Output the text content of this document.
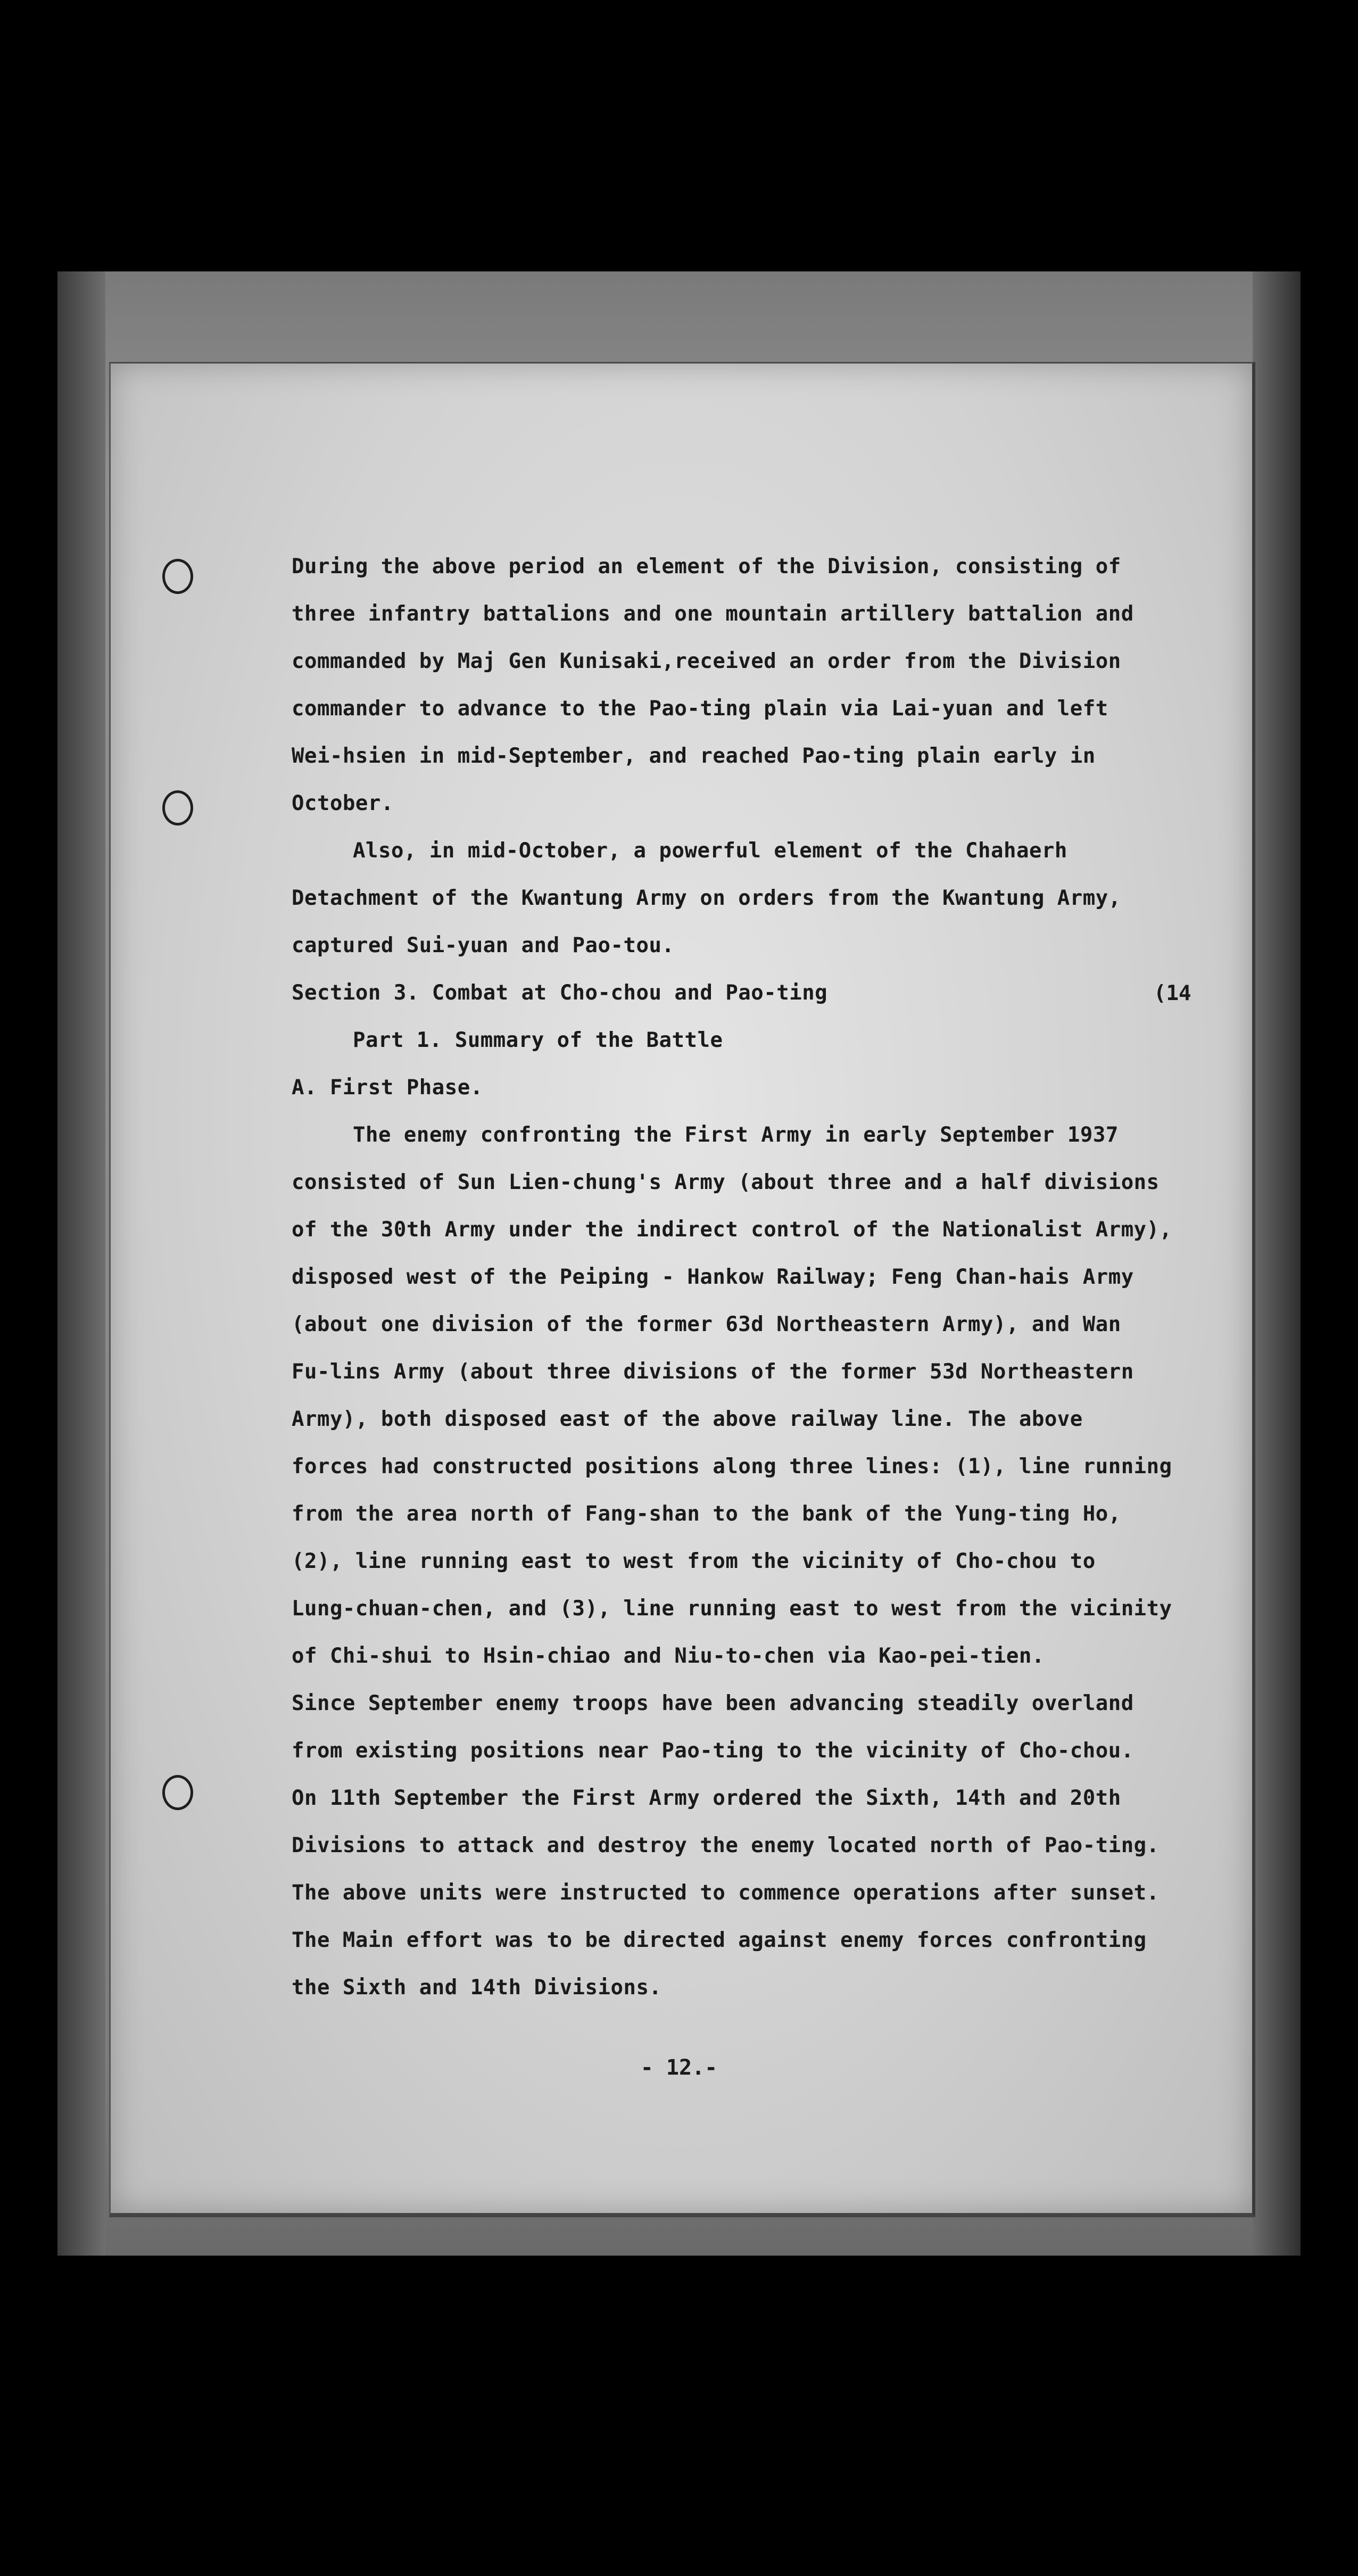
During the above period an element of the Division, consisting of
three infantry battalions and one mountain artillery battalion and
commanded by Maj Gen Kunisaki,received an order from the Division
commander to advance to the Pao-ting plain via Lai-yuan and left
Wei-hsien in mid-September, and reached Pao-ting plain early in
October.
Also, in mid-October, a powerful element of the Chahaerh
Detachment of the Kwantung Army on orders from the Kwantung Army,
captured Sui-yuan and Pao-tou.
Section 3. Combat at Cho-chou and Pao-ting
Part 1. Summary of the Battle
A. First Phase.
The enemy confronting the First Army in early September 1937
consisted of Sun Lien-chung's Army (about three and a half divisions
of the 30th Army under the indirect control of the Nationalist Army),
disposed west of the Peiping - Hankow Railway; Feng Chan-hais Army
(about one division of the former 63d Northeastern Army), and Wan
Fu-lins Army (about three divisions of the former 53d Northeastern
Army), both disposed east of the above railway line. The above
forces had constructed positions along three lines: (1), line running
from the area north of Fang-shan to the bank of the Yung-ting Ho,
(2), line running east to west from the vicinity of Cho-chou to
Lung-chuan-chen, and (3), line running east to west from the vicinity
of Chi-shui to Hsin-chiao and Niu-to-chen via Kao-pei-tien.
Since September enemy troops have been advancing steadily overland
from existing positions near Pao-ting to the vicinity of Cho-chou.
On 11th September the First Army ordered the Sixth, 14th and 20th
Divisions to attack and destroy the enemy located north of Pao-ting.
The above units were instructed to commence operations after sunset.
The Main effort was to be directed against enemy forces confronting
the Sixth and 14th Divisions.
(14
- 12.-
